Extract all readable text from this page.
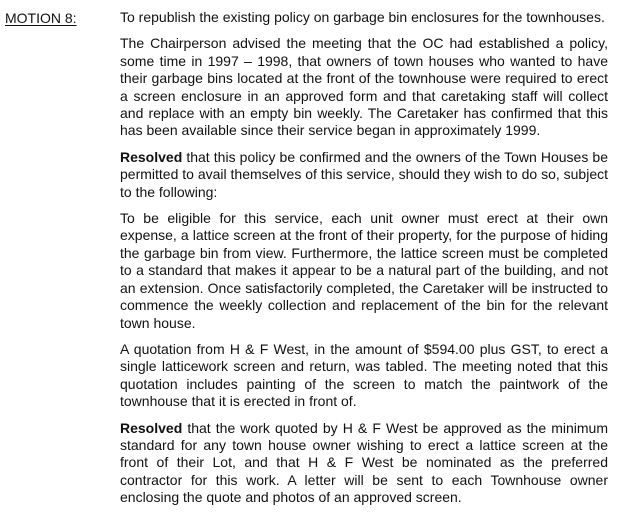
MOTION 8:	To republish the existing policy on garbage bin enclosures for the townhouses.

The Chairperson advised the meeting that the OC had established a policy, some time in 1997 – 1998, that owners of town houses who wanted to have their garbage bins located at the front of the townhouse were required to erect a screen enclosure in an approved form and that caretaking staff will collect and replace with an empty bin weekly. The Caretaker has confirmed that this has been available since their service began in approximately 1999.

Resolved that this policy be confirmed and the owners of the Town Houses be permitted to avail themselves of this service, should they wish to do so, subject to the following:

To be eligible for this service, each unit owner must erect at their own expense, a lattice screen at the front of their property, for the purpose of hiding the garbage bin from view. Furthermore, the lattice screen must be completed to a standard that makes it appear to be a natural part of the building, and not an extension. Once satisfactorily completed, the Caretaker will be instructed to commence the weekly collection and replacement of the bin for the relevant town house.

A quotation from H & F West, in the amount of $594.00 plus GST, to erect a single latticework screen and return, was tabled. The meeting noted that this quotation includes painting of the screen to match the paintwork of the townhouse that it is erected in front of.

Resolved that the work quoted by H & F West be approved as the minimum standard for any town house owner wishing to erect a lattice screen at the front of their Lot, and that H & F West be nominated as the preferred contractor for this work. A letter will be sent to each Townhouse owner enclosing the quote and photos of an approved screen.
